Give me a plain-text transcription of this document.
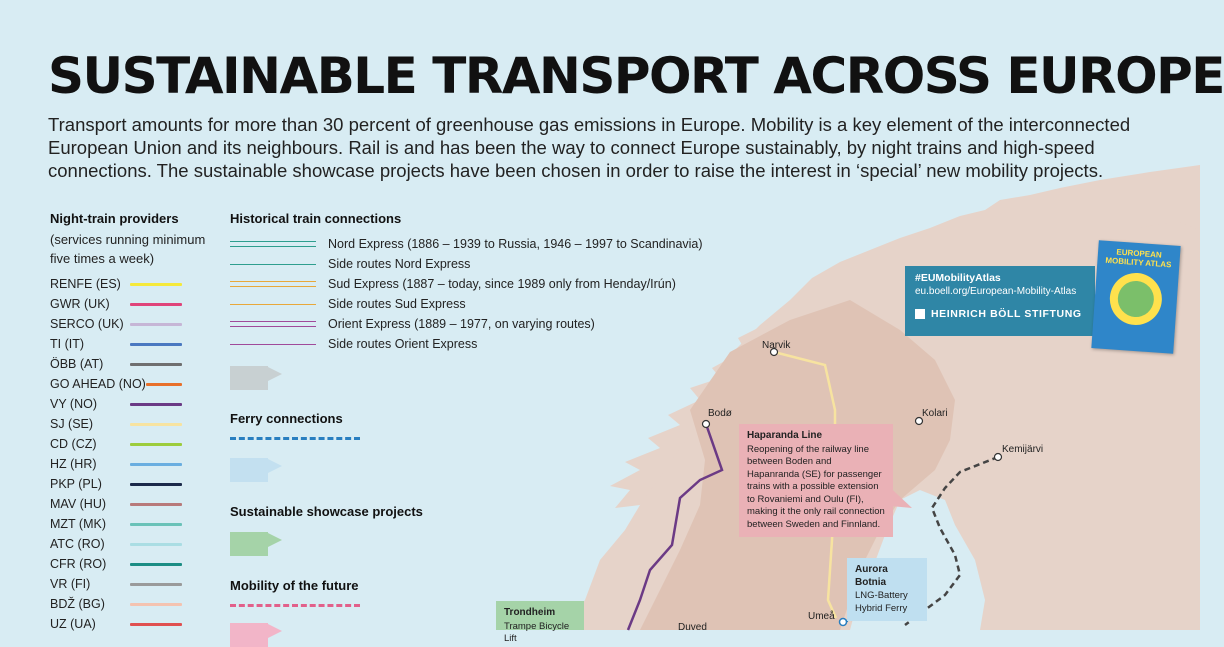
SUSTAINABLE TRANSPORT ACROSS EUROPE

Transport amounts for more than 30 percent of greenhouse gas emissions in Europe. Mobility is a key element of the interconnected European Union and its neighbours. Rail is and has been the way to connect Europe sustainably, by night trains and high-speed connections. The sustainable showcase projects have been chosen in order to raise the interest in ‘special’ new mobility projects.

Night-train providers
(services running minimum five times a week)
RENFE (ES)
GWR (UK)
SERCO (UK)
TI (IT)
ÖBB (AT)
GO AHEAD (NO)
VY (NO)
SJ (SE)
CD (CZ)
HZ (HR)
PKP (PL)
MAV (HU)
MZT (MK)
ATC (RO)
CFR (RO)
VR (FI)
BDŽ (BG)
UZ (UA)
Historical train connections
Nord Express (1886 – 1939 to Russia, 1946 – 1997 to Scandinavia)
Side routes Nord Express
Sud Express (1887 – today, since 1989 only from Henday/Irún)
Side routes Sud Express
Orient Express (1889 – 1977, on varying routes)
Side routes Orient Express
Ferry connections
Sustainable showcase projects
Mobility of the future
Narvik
Bodø	Kolari
Kemijärvi
Umeå
Duved
Haparanda Line
Reopening of the railway line between Boden and Hapanranda (SE) for passenger trains with a possible extension to Rovaniemi and Oulu (FI), making it the only rail connection between Sweden and Finnland.
Aurora Botnia
LNG-Battery Hybrid Ferry
Trondheim
Trampe Bicycle Lift
#EUMobilityAtlas
eu.boell.org/European-Mobility-Atlas
HEINRICH BÖLL STIFTUNG
EUROPEAN MOBILITY ATLAS
